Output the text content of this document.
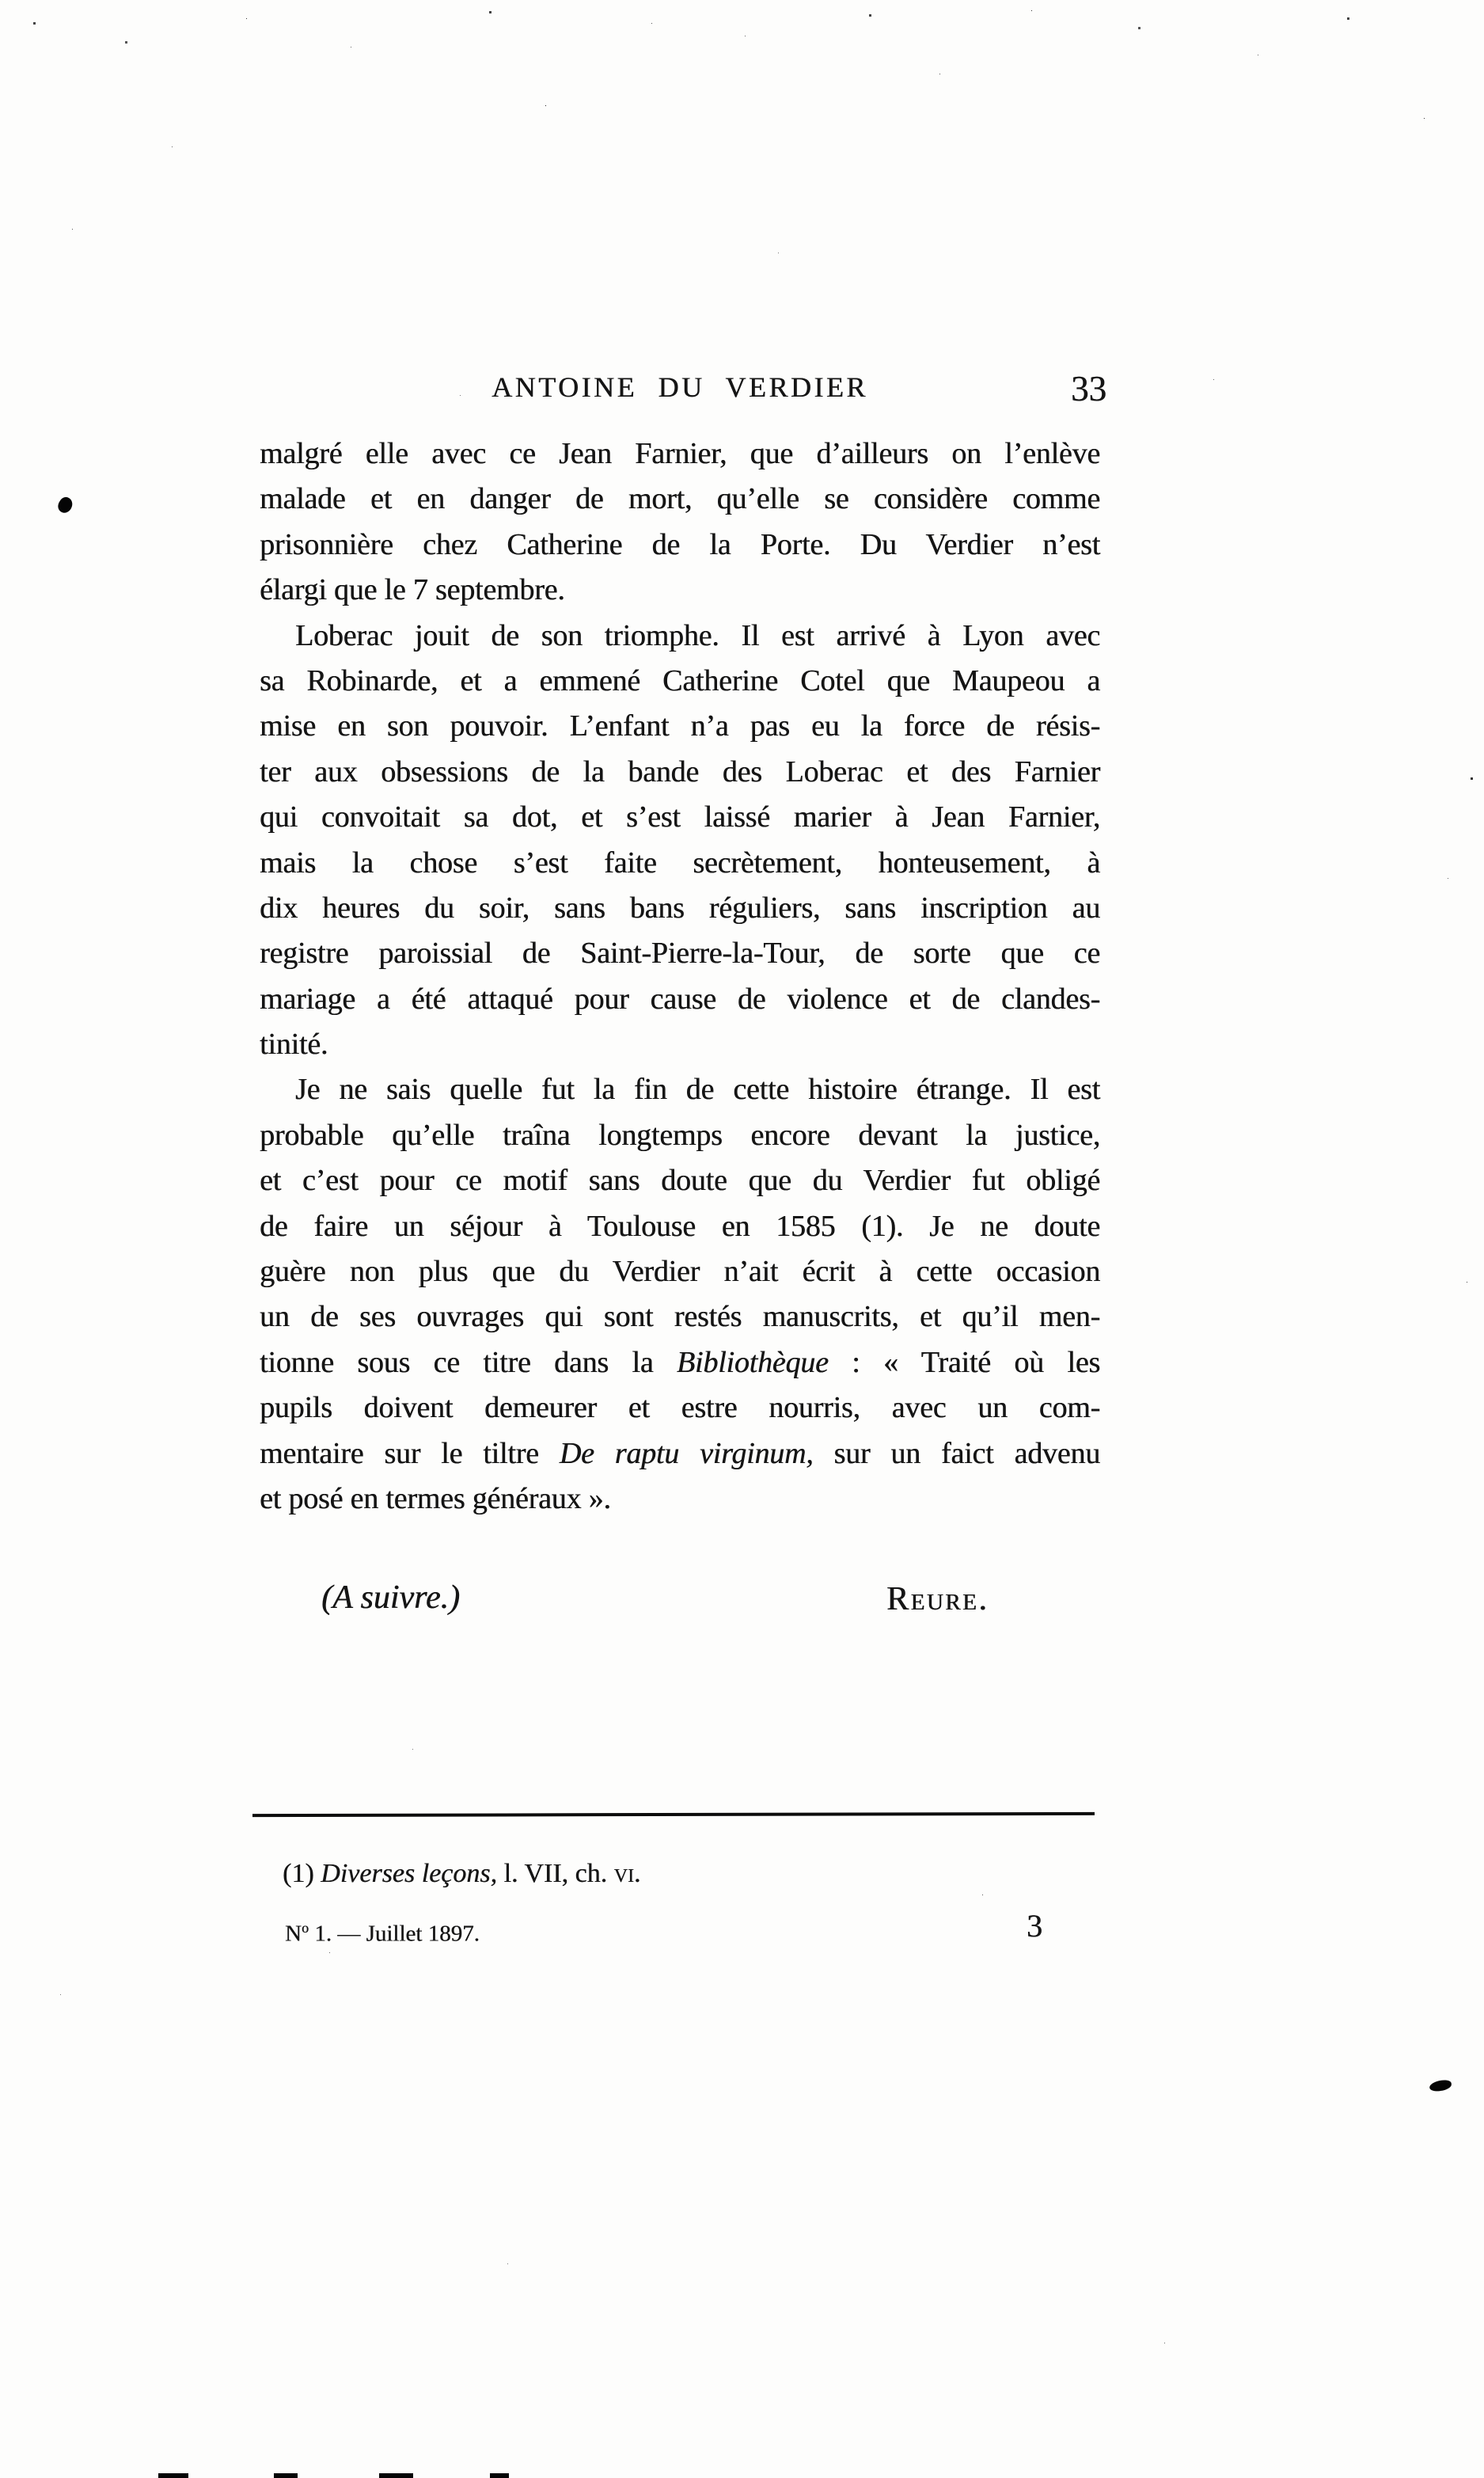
ANTOINE DU VERDIER	33
malgré elle avec ce Jean Farnier, que d’ailleurs on l’enlève
malade et en danger de mort, qu’elle se considère comme
prisonnière chez Catherine de la Porte. Du Verdier n’est
élargi que le 7 septembre.
Loberac jouit de son triomphe. Il est arrivé à Lyon avec
sa Robinarde, et a emmené Catherine Cotel que Maupeou a
mise en son pouvoir. L’enfant n’a pas eu la force de résis-
ter aux obsessions de la bande des Loberac et des Farnier
qui convoitait sa dot, et s’est laissé marier à Jean Farnier,
mais la chose s’est faite secrètement, honteusement, à
dix heures du soir, sans bans réguliers, sans inscription au
registre paroissial de Saint-Pierre-la-Tour, de sorte que ce
mariage a été attaqué pour cause de violence et de clandes-
tinité.
Je ne sais quelle fut la fin de cette histoire étrange. Il est
probable qu’elle traîna longtemps encore devant la justice,
et c’est pour ce motif sans doute que du Verdier fut obligé
de faire un séjour à Toulouse en 1585 (1). Je ne doute
guère non plus que du Verdier n’ait écrit à cette occasion
un de ses ouvrages qui sont restés manuscrits, et qu’il men-
tionne sous ce titre dans la Bibliothèque : « Traité où les
pupils doivent demeurer et estre nourris, avec un com-
mentaire sur le tiltre De raptu virginum, sur un faict advenu
et posé en termes généraux ».
(A suivre.)	Reure.
(1) Diverses leçons, l. VII, ch. vi.
$N^o$ 1. — Juillet 1897.	3
